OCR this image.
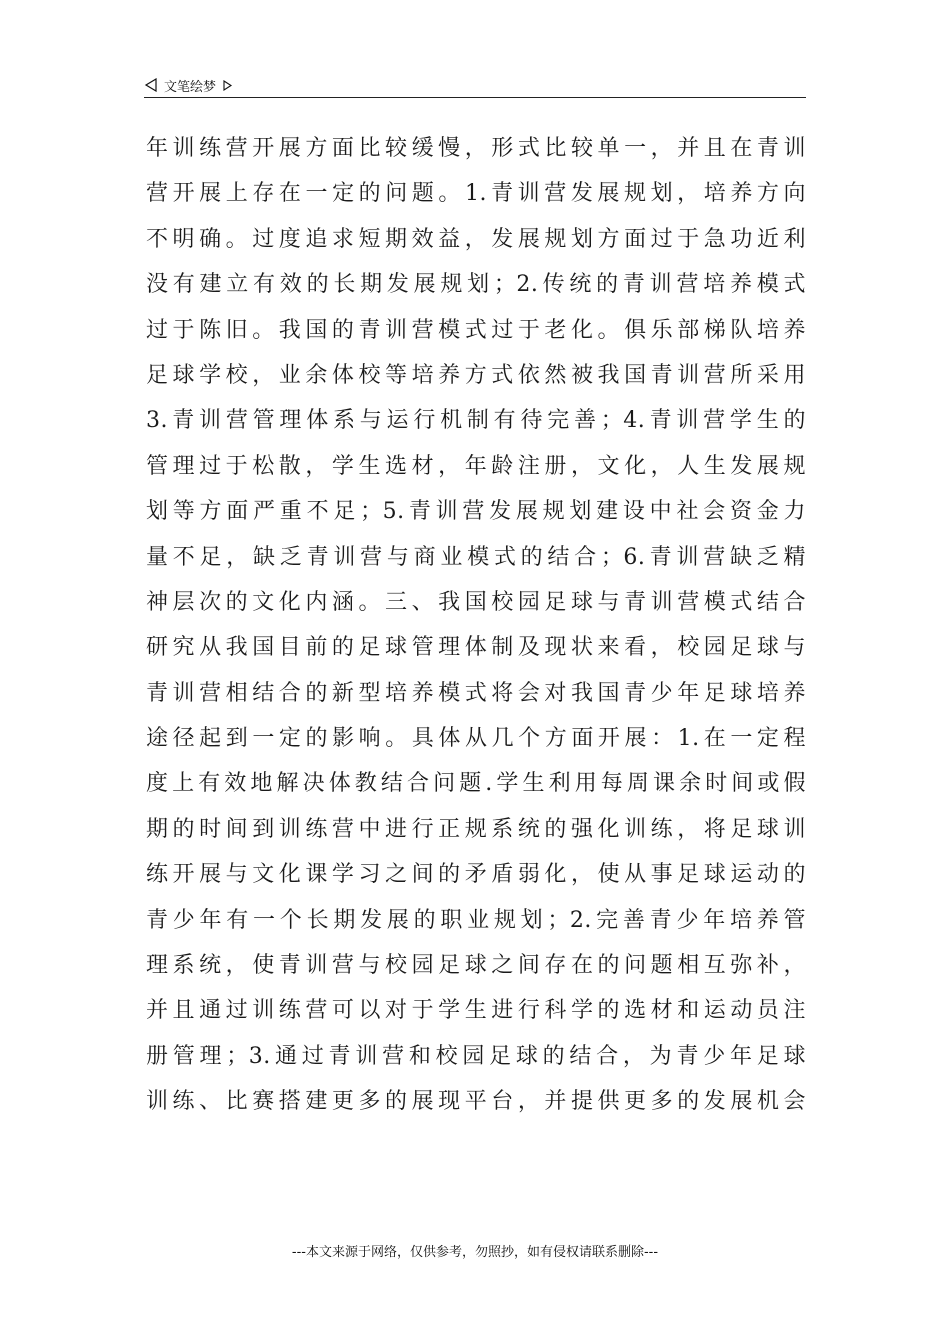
文笔绘梦
年训练营开展方面比较缓慢，形式比较单一，并且在青训
营开展上存在一定的问题。1.青训营发展规划，培养方向
不明确。过度追求短期效益，发展规划方面过于急功近利
没有建立有效的长期发展规划；2.传统的青训营培养模式
过于陈旧。我国的青训营模式过于老化。俱乐部梯队培养
足球学校，业余体校等培养方式依然被我国青训营所采用
3.青训营管理体系与运行机制有待完善；4.青训营学生的
管理过于松散，学生选材，年龄注册，文化，人生发展规
划等方面严重不足；5.青训营发展规划建设中社会资金力
量不足，缺乏青训营与商业模式的结合；6.青训营缺乏精
神层次的文化内涵。三、我国校园足球与青训营模式结合
研究从我国目前的足球管理体制及现状来看，校园足球与
青训营相结合的新型培养模式将会对我国青少年足球培养
途径起到一定的影响。具体从几个方面开展：1.在一定程
度上有效地解决体教结合问题.学生利用每周课余时间或假
期的时间到训练营中进行正规系统的强化训练，将足球训
练开展与文化课学习之间的矛盾弱化，使从事足球运动的
青少年有一个长期发展的职业规划；2.完善青少年培养管
理系统，使青训营与校园足球之间存在的问题相互弥补，
并且通过训练营可以对于学生进行科学的选材和运动员注
册管理；3.通过青训营和校园足球的结合，为青少年足球
训练、比赛搭建更多的展现平台，并提供更多的发展机会
---本文来源于网络，仅供参考，勿照抄，如有侵权请联系删除---
